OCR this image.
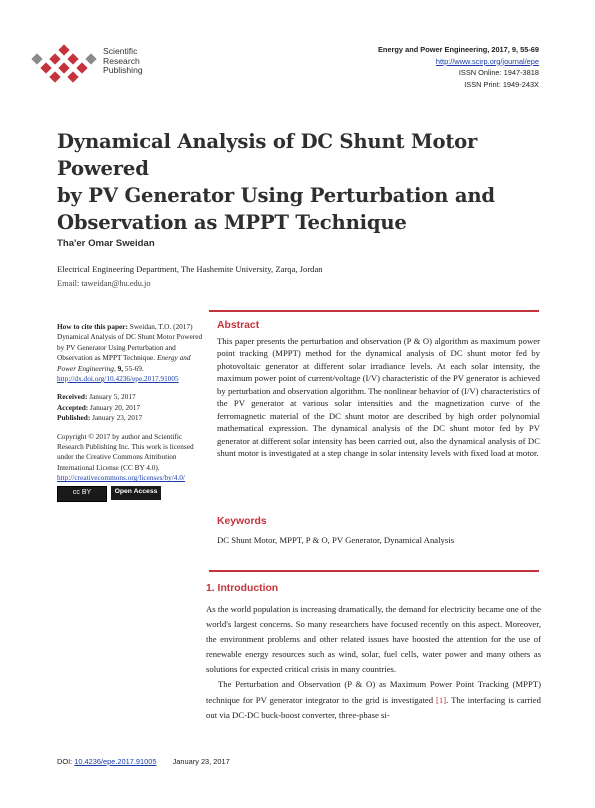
Scientific
Research
Publishing
Energy and Power Engineering, 2017, 9, 55-69
http://www.scirp.org/journal/epe
ISSN Online: 1947-3818
ISSN Print: 1949-243X
Dynamical Analysis of DC Shunt Motor Powered
by PV Generator Using Perturbation and
Observation as MPPT Technique
Tha'er Omar Sweidan
Electrical Engineering Department, The Hashemite University, Zarqa, Jordan
Email: taweidan@hu.edu.jo
How to cite this paper: Sweidan, T.O. (2017) Dynamical Analysis of DC Shunt Motor Powered by PV Generator Using Perturbation and Observation as MPPT Technique. Energy and Power Engineering, 9, 55-69.
http://dx.doi.org/10.4236/epe.2017.91005
Received: January 5, 2017
Accepted: January 20, 2017
Published: January 23, 2017
Copyright © 2017 by author and Scientific Research Publishing Inc. This work is licensed under the Creative Commons Attribution International License (CC BY 4.0).
http://creativecommons.org/licenses/by/4.0/
cc BY	Open Access
Abstract
This paper presents the perturbation and observation (P & O) algorithm as maximum power point tracking (MPPT) method for the dynamical analysis of DC shunt motor fed by photovoltaic generator at different solar irradiance levels. At each solar intensity, the maximum power point of current/voltage (I/V) characteristic of the PV generator is achieved by perturbation and observation algorithm. The nonlinear behavior of (I/V) characteristics of the PV generator at various solar intensities and the magnetization curve of the ferromagnetic material of the DC shunt motor are described by high order polynomial mathematical expression. The dynamical analysis of the DC shunt motor fed by PV generator at different solar intensity has been carried out, also the dynamical analysis of DC shunt motor is investigated at a step change in solar intensity levels with fixed load at motor.
Keywords
DC Shunt Motor, MPPT, P & O, PV Generator, Dynamical Analysis
1. Introduction

As the world population is increasing dramatically, the demand for electricity became one of the world's largest concerns. So many researchers have focused recently on this aspect. Moreover, the environment problems and other related issues have boosted the attention for the use of renewable energy resources such as wind, solar, fuel cells, water power and many others as solutions for expected critical crisis in many countries.

The Perturbation and Observation (P & O) as Maximum Power Point Tracking (MPPT) technique for PV generator integrator to the grid is investigated [1]. The interfacing is carried out via DC-DC buck-boost converter, three-phase si-

DOI: 10.4236/epe.2017.91005 January 23, 2017
